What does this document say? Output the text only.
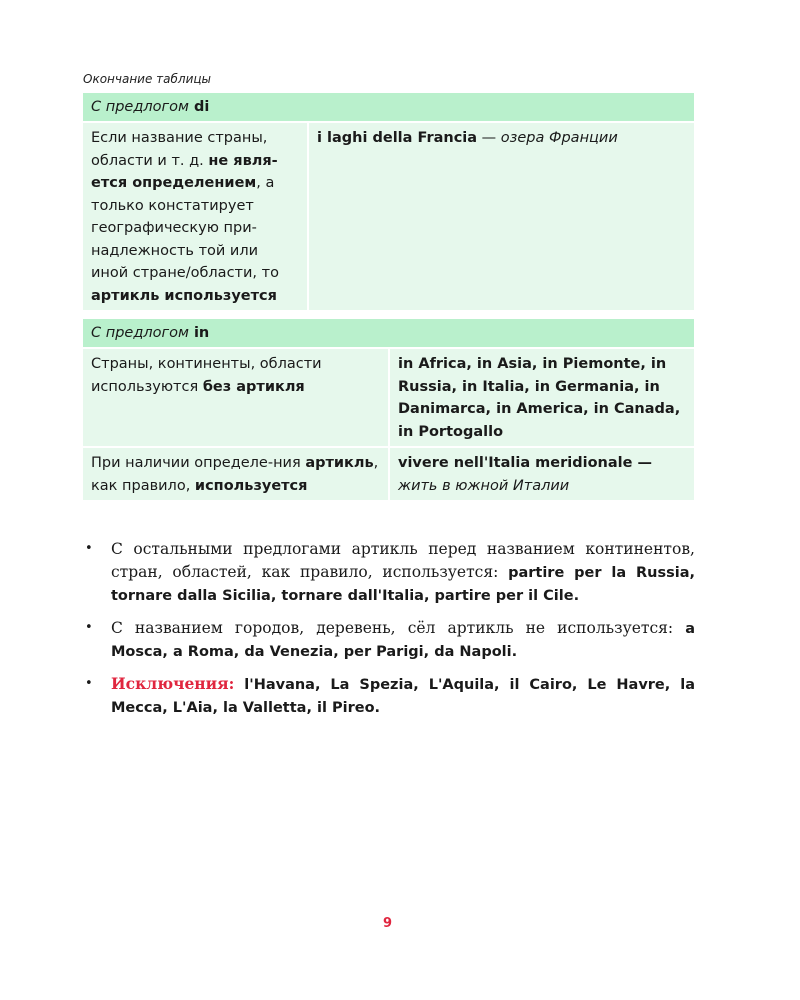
Окончание таблицы
С предлогом di
Если название страны, области и т. д. не явля-ется определением, а только констатирует географическую при-надлежность той или иной стране/области, то артикль используется
i laghi della Francia — озера Франции
С предлогом in
Страны, континенты, области используются без артикля
in Africa, in Asia, in Piemonte, in Russia, in Italia, in Germania, in Danimarca, in America, in Canada, in Portogallo
При наличии определе-ния артикль, как правило, используется
vivere nell'Italia meridionale —
жить в южной Италии
• С остальными предлогами артикль перед названием континентов, стран, областей, как правило, используется: partire per la Russia, tornare dalla Sicilia, tornare dall'Italia, partire per il Cile.
• С названием городов, деревень, сёл артикль не используется: a Mosca, a Roma, da Venezia, per Parigi, da Napoli.
• Исключения: l'Havana, La Spezia, L'Aquila, il Cairo, Le Havre, la Mecca, L'Aia, la Valletta, il Pireo.
9
